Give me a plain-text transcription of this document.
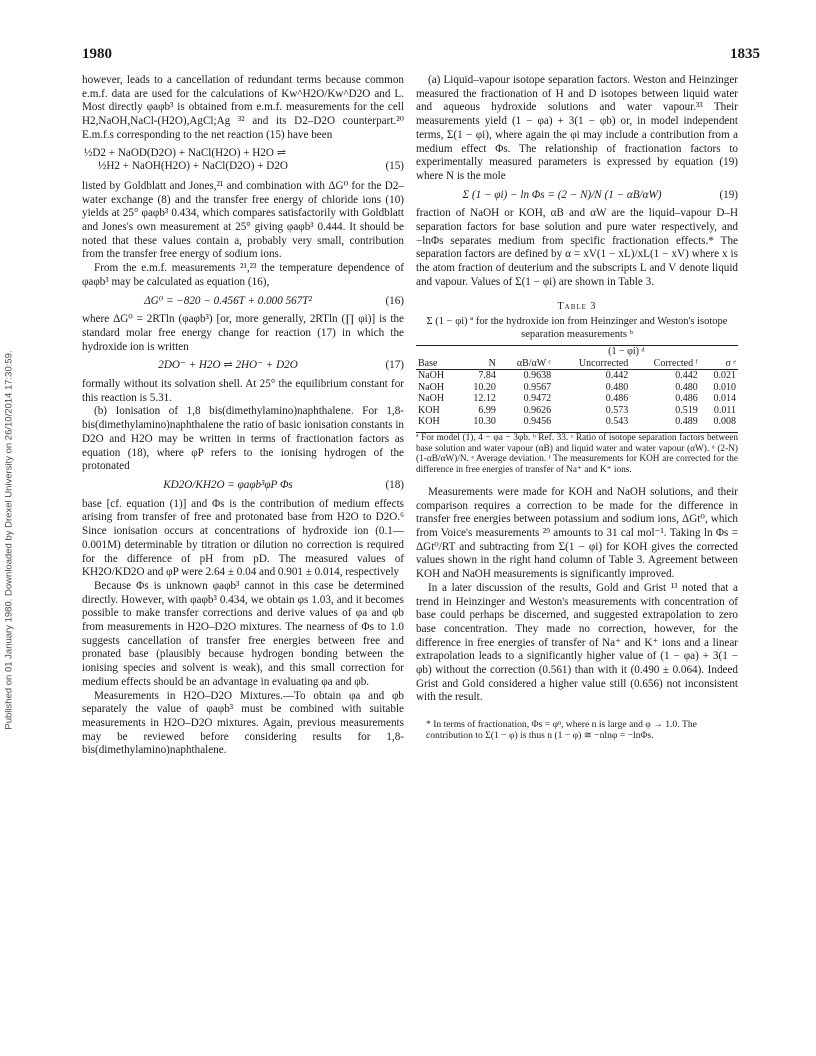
Published on 01 January 1980. Downloaded by Drexel University on 26/10/2014 17:30:59.
1980	1835

however, leads to a cancellation of redundant terms because common e.m.f. data are used for the calculations of Kw^H2O/Kw^D2O and L. Most directly φaφb³ is obtained from e.m.f. measurements for the cell H2,NaOH,NaCl-(H2O),AgCl;Ag ³² and its D2–D2O counterpart.²⁰ E.m.f.s corresponding to the net reaction (15) have been

½D2 + NaOD(D2O) + NaCl(H2O) + H2O ⇌
½H2 + NaOH(H2O) + NaCl(D2O) + D2O	(15)

listed by Goldblatt and Jones,²¹ and combination with ΔG⁰ for the D2–water exchange (8) and the transfer free energy of chloride ions (10) yields at 25° φaφb³ 0.434, which compares satisfactorily with Goldblatt and Jones's own measurement at 25° giving φaφb³ 0.444. It should be noted that these values contain a, probably very small, contribution from the transfer free energy of sodium ions.

From the e.m.f. measurements ²¹,²³ the temperature dependence of φaφb³ may be calculated as equation (16),

ΔG⁰ = −820 − 0.456T + 0.000 567T²	(16)

where ΔG⁰ = 2RTln (φaφb³) [or, more generally, 2RTln (∏ φi)] is the standard molar free energy change for reaction (17) in which the hydroxide ion is written

2DO⁻ + H2O ⇌ 2HO⁻ + D2O	(17)

formally without its solvation shell. At 25° the equilibrium constant for this reaction is 5.31.

(b) Ionisation of 1,8 bis(dimethylamino)naphthalene. For 1,8-bis(dimethylamino)naphthalene the ratio of basic ionisation constants in D2O and H2O may be written in terms of fractionation factors as equation (18), where φP refers to the ionising hydrogen of the protonated

KD2O/KH2O = φaφb³φP Φs	(18)

base [cf. equation (1)] and Φs is the contribution of medium effects arising from transfer of free and protonated base from H2O to D2O.⁶ Since ionisation occurs at concentrations of hydroxide ion (0.1—0.001M) determinable by titration or dilution no correction is required for the difference of pH from pD. The measured values of KH2O/KD2O and φP were 2.64 ± 0.04 and 0.901 ± 0.014, respectively

Because Φs is unknown φaφb³ cannot in this case be determined directly. However, with φaφb³ 0.434, we obtain φs 1.03, and it becomes possible to make transfer corrections and derive values of φa and φb from measurements in H2O–D2O mixtures. The nearness of Φs to 1.0 suggests cancellation of transfer free energies between free and pronated base (plausibly because hydrogen bonding between the ionising species and solvent is weak), and this small correction for medium effects should be an advantage in evaluating φa and φb.

Measurements in H2O–D2O Mixtures.—To obtain φa and φb separately the value of φaφb³ must be combined with suitable measurements in H2O–D2O mixtures. Again, previous measurements may be reviewed before considering results for 1,8-bis(dimethylamino)naphthalene.

(a) Liquid–vapour isotope separation factors. Weston and Heinzinger measured the fractionation of H and D isotopes between liquid water and aqueous hydroxide solutions and water vapour.³³ Their measurements yield (1 − φa) + 3(1 − φb) or, in model independent terms, Σ(1 − φi), where again the φi may include a contribution from a medium effect Φs. The relationship of fractionation factors to experimentally measured parameters is expressed by equation (19) where N is the mole

Σ (1 − φi) − ln Φs = (2 − N)/N (1 − αB/αW)	(19)

fraction of NaOH or KOH, αB and αW are the liquid–vapour D–H separation factors for base solution and pure water respectively, and −lnΦs separates medium from specific fractionation effects.* The separation factors are defined by α = xV(1 − xL)/xL(1 − xV) where x is the atom fraction of deuterium and the subscripts L and V denote liquid and vapour. Values of Σ(1 − φi) are shown in Table 3.

Table 3
Σ (1 − φi) ª for the hydroxide ion from Heinzinger and Weston's isotope separation measurements ᵇ
			(1 − φi) ᵈ		
Base	N	αB/αW ᶜ	Uncorrected	Corrected ᶠ	σ ᵉ
NaOH	7.84	0.9638	0.442	0.442	0.021
NaOH	10.20	0.9567	0.480	0.480	0.010
NaOH	12.12	0.9472	0.486	0.486	0.014
KOH	6.99	0.9626	0.573	0.519	0.011
KOH	10.30	0.9456	0.543	0.489	0.008
ª For model (1), 4 − φa − 3φb. ᵇ Ref. 33. ᶜ Ratio of isotope separation factors between base solution and water vapour (αB) and liquid water and water vapour (αW). ᵈ (2-N)(1-αB/αW)/N. ᵉ Average deviation. ᶠ The measurements for KOH are corrected for the difference in free energies of transfer of Na⁺ and K⁺ ions.

Measurements were made for KOH and NaOH solutions, and their comparison requires a correction to be made for the difference in transfer free energies between potassium and sodium ions, ΔGt⁰, which from Voice's measurements ²⁹ amounts to 31 cal mol⁻¹. Taking ln Φs = ΔGt⁰/RT and subtracting from Σ(1 − φi) for KOH gives the corrected values shown in the right hand column of Table 3. Agreement between KOH and NaOH measurements is significantly improved.

In a later discussion of the results, Gold and Grist ¹³ noted that a trend in Heinzinger and Weston's measurements with concentration of base could perhaps be discerned, and suggested extrapolation to zero base concentration. They made no correction, however, for the difference in free energies of transfer of Na⁺ and K⁺ ions and a linear extrapolation leads to a significantly higher value of (1 − φa) + 3(1 − φb) without the correction (0.561) than with it (0.490 ± 0.064). Indeed Grist and Gold considered a higher value still (0.656) not inconsistent with the result.

* In terms of fractionation, Φs = φⁿ, where n is large and φ → 1.0. The contribution to Σ(1 − φ) is thus n (1 − φ) ≅ −nlnφ = −lnΦs.
